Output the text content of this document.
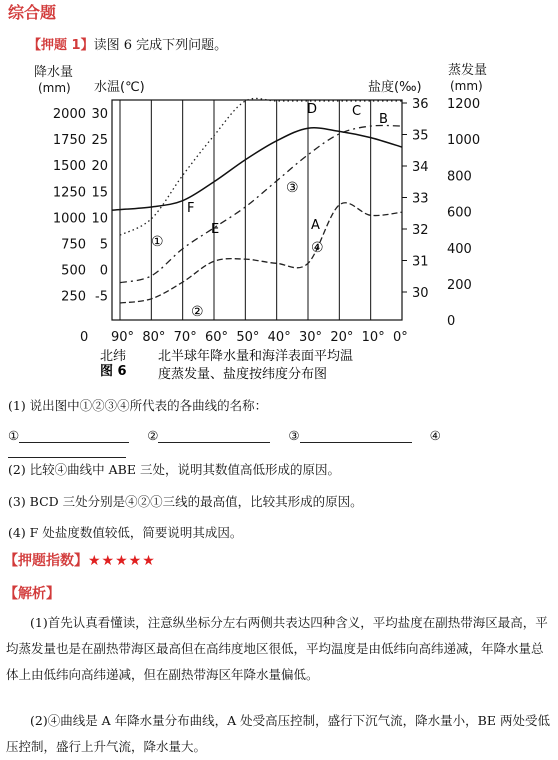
综合题
【押题 1】读图 6 完成下列问题。
降水量
(mm) 水温(℃)	盐度(‰)
蒸发量
(mm)
2000
1750
1500
1250
1000
750
500
250
30
25
20
15
10
5
0
-5
36
35
34
33
32
31
30
1200
1000
800
600
400
200
0
90° 80° 70° 60° 50° 40° 30° 20° 10° 0°
0
A
B
C
D
E
F
①
②
③
④
北纬
图 6
北半球年降水量和海洋表面平均温
度蒸发量、盐度按纬度分布图
(1) 说出图中①②③④所代表的各曲线的名称：
①	②	③	④
(2) 比较④曲线中 ABE 三处，说明其数值高低形成的原因。
(3) BCD 三处分别是④②①三线的最高值，比较其形成的原因。
(4) F 处盐度数值较低，简要说明其成因。
【押题指数】★★★★★
【解析】
(1)首先认真看懂读，注意纵坐标分左右两侧共表达四种含义，平均盐度在副热带海区最高，平均蒸发量也是在副热带海区最高但在高纬度地区很低，平均温度是由低纬向高纬递减，年降水量总体上由低纬向高纬递减，但在副热带海区年降水量偏低。
(2)④曲线是 A 年降水量分布曲线，A 处受高压控制，盛行下沉气流，降水量小，BE 两处受低压控制，盛行上升气流，降水量大。
